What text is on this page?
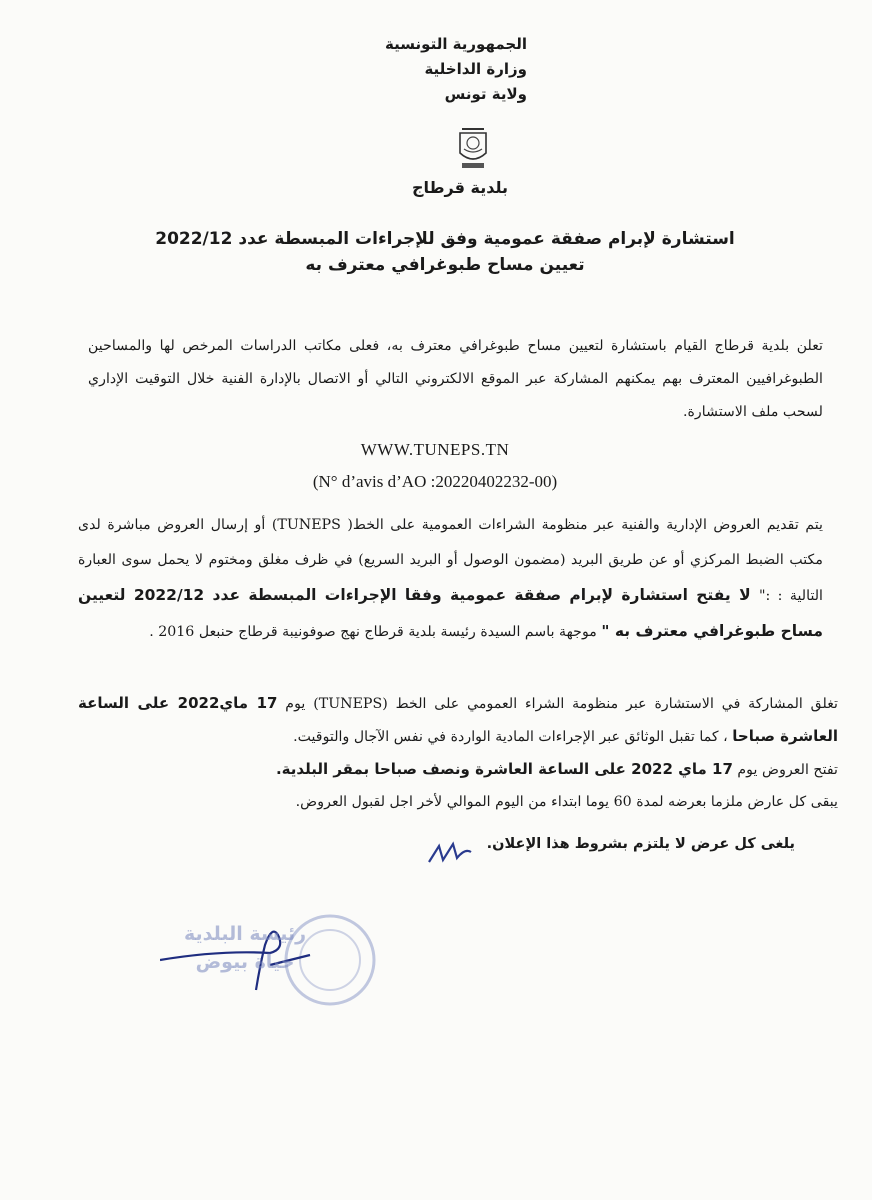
الجمهورية التونسية
وزارة الداخلية
ولاية تونس
بلدية قرطاج
استشارة لإبرام صفقة عمومية وفق للإجراءات المبسطة عدد 2022/12
تعيين مساح طبوغرافي معترف به
تعلن بلدية قرطاج القيام باستشارة لتعيين مساح طبوغرافي معترف به، فعلى مكاتب الدراسات المرخص لها والمساحين الطبوغرافيين المعترف بهم يمكنهم المشاركة عبر الموقع الالكتروني التالي أو الاتصال بالإدارة الفنية خلال التوقيت الإداري لسحب ملف الاستشارة.
WWW.TUNEPS.TN
(N° d’avis d’AO :20220402232-00)
يتم تقديم العروض الإدارية والفنية عبر منظومة الشراءات العمومية على الخط( TUNEPS) أو إرسال العروض مباشرة لدى مكتب الضبط المركزي أو عن طريق البريد (مضمون الوصول أو البريد السريع) في ظرف مغلق ومختوم لا يحمل سوى العبارة التالية : :" لا يفتح استشارة لإبرام صفقة عمومية وفقا الإجراءات المبسطة عدد 2022/12 لتعيين مساح طبوغرافي معترف به " موجهة باسم السيدة رئيسة بلدية قرطاج نهج صوفونيبة قرطاج حنبعل 2016 .
تغلق المشاركة في الاستشارة عبر منظومة الشراء العمومي على الخط (TUNEPS) يوم 17 ماي2022 على الساعة العاشرة صباحا ، كما تقبل الوثائق عبر الإجراءات المادية الواردة في نفس الآجال والتوقيت.
تفتح العروض يوم 17 ماي 2022 على الساعة العاشرة ونصف صباحا بمقر البلدية.
يبقى كل عارض ملزما بعرضه لمدة 60 يوما ابتداء من اليوم الموالي لأخر اجل لقبول العروض.
يلغى كل عرض لا يلتزم بشروط هذا الإعلان.
رئيسة البلدية
حياة بيوض
